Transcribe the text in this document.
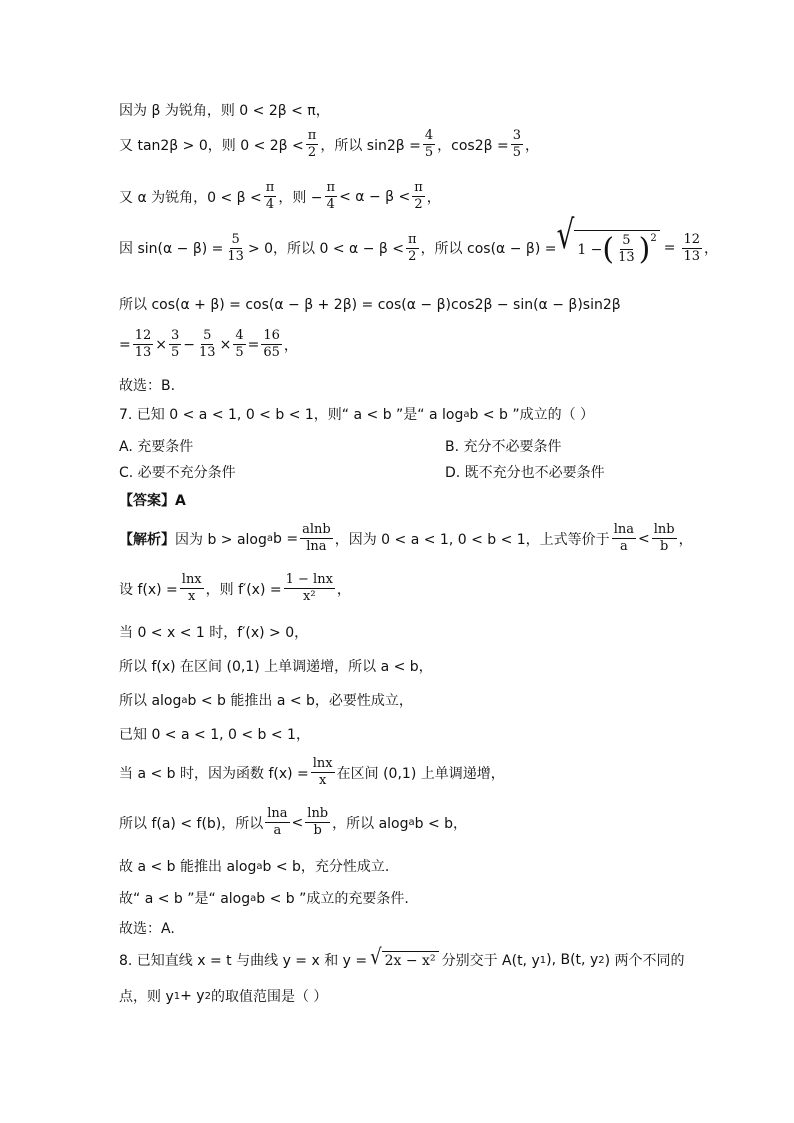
因为 β 为锐角，则 0 < 2β < π，
又 tan2β > 0，则 $0 < 2\beta < \frac{\pi}{2}$ ，所以 $\sin 2\beta = \frac{4}{5}$ ，$\cos 2\beta = \frac{3}{5}$ ，
又 α 为锐角，$0 < \beta < \frac{\pi}{4}$ ，则 − $\frac{\pi}{4} < \alpha - \beta < \frac{\pi}{2}$ ，
因 $\sin(\alpha - \beta) = \frac{5}{13} > 0$，所以 $0 < \alpha - \beta < \frac{\pi}{2}$ ，所以 cos(α − β) = √ 1 − ( $\frac{5}{13} )^2$
= $\frac{12}{13}$ ，
所以 cos(α + β) = cos(α − β + 2β) = cos(α − β)cos2β − sin(α − β)sin2β
= $\frac{12}{13} \times \frac{3}{5} - \frac{5}{13} \times \frac{4}{5} = \frac{16}{65}$ ，
故选：B.
7. 已知 0 < a < 1, 0 < b < 1，则“ a < b ”是“ a log a b < b ”成立的（ ）
A. 充要条件	B. 充分不必要条件
C. 必要不充分条件	D. 既不充分也不必要条件
【答案】A
【解析】 因为 b > alog a $b = \frac{alnb}{\ln a}$ ，因为 0 < a < 1, 0 < b < 1，上式等价于 $\frac{\ln a}{a} < \frac{\ln b}{b}$ ，
设 $f(x) = \frac{\ln x}{x}$ ，则 $f'(x) = \frac{1 - \ln x}{\text{x²}}$ ，
当 0 < x < 1 时，f′(x) > 0，
所以 f(x) 在区间 (0,1) 上单调递增，所以 a < b，
所以 alog a b < b 能推出 a < b，必要性成立，
已知 0 < a < 1, 0 < b < 1，
当 a < b 时，因为函数 $f(x) = \frac{\ln x}{x}$ 在区间 (0,1) 上单调递增，
所以 f(a) < f(b)，所以 $\frac{\ln a}{a} < \frac{\ln b}{b}$ ，所以 alog a b < b，
故 a < b 能推出 alog a b < b，充分性成立.
故“ a < b ”是“ alog a b < b ”成立的充要条件.
故选：A.
8. 已知直线 x = t 与曲线 y = x 和 y = √ 2x − x² 分别交于 A(t, y 1 ), B(t, y 2 ) 两个不同的
点，则 y 1 + y 2 的取值范围是（ ）
